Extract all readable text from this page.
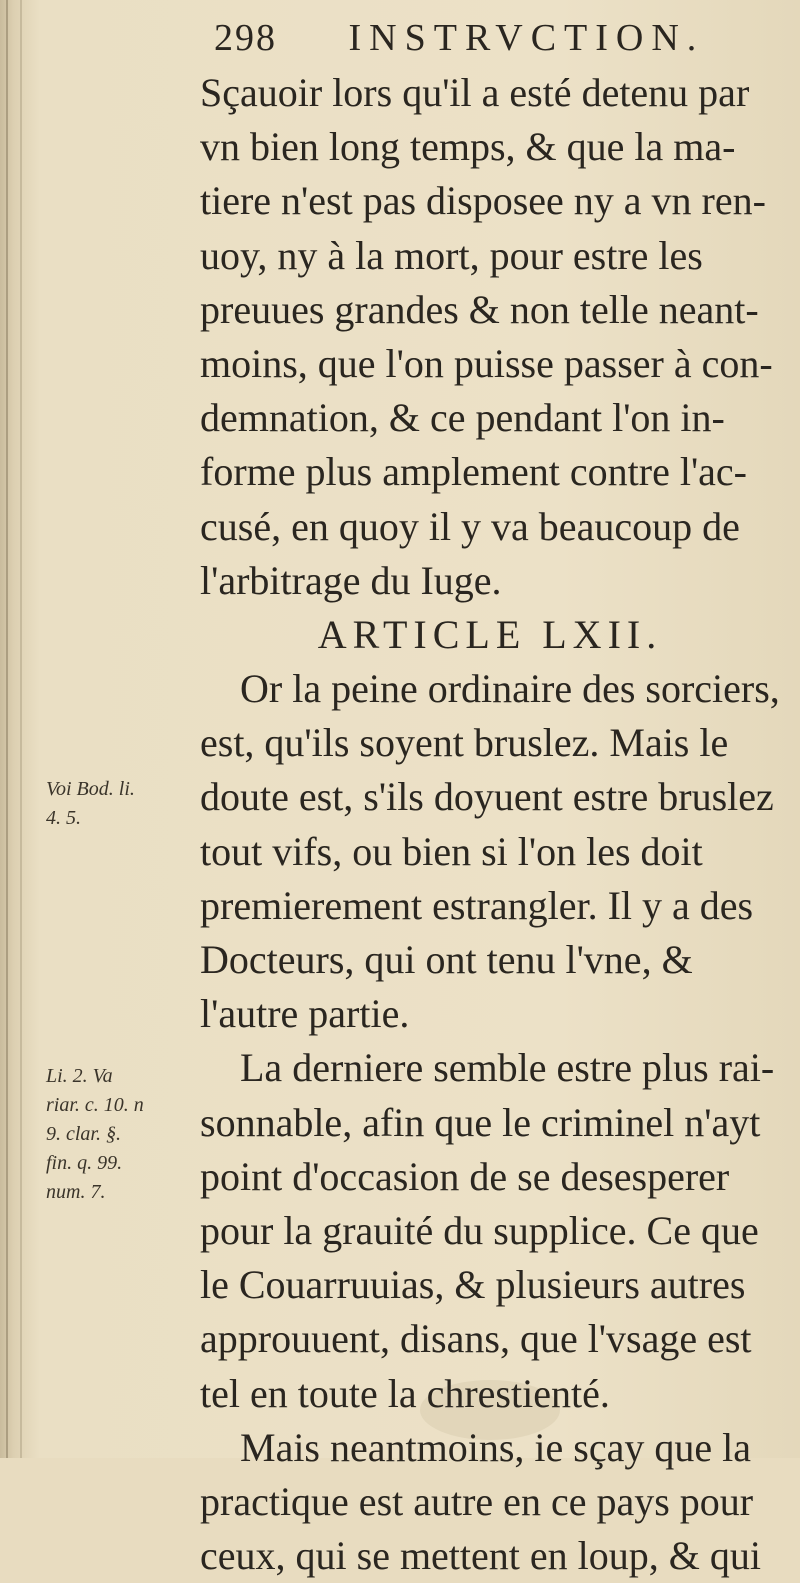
298 INSTRVCTION.
Sçauoir lors qu'il a esté detenu par
vn bien long temps, & que la ma-
tiere n'est pas disposee ny a vn ren-
uoy, ny à la mort, pour estre les
preuues grandes & non telle neant-
moins, que l'on puisse passer à con-
demnation, & ce pendant l'on in-
forme plus amplement contre l'ac-
cusé, en quoy il y va beaucoup de
l'arbitrage du Iuge.
ARTICLE LXII.
Or la peine ordinaire des sorciers,
est, qu'ils soyent bruslez. Mais le
doute est, s'ils doyuent estre bruslez
tout vifs, ou bien si l'on les doit
premierement estrangler. Il y a des
Docteurs, qui ont tenu l'vne, &
l'autre partie.
La derniere semble estre plus rai-
sonnable, afin que le criminel n'ayt
point d'occasion de se desesperer
pour la grauité du supplice. Ce que
le Couarruuias, & plusieurs autres
approuuent, disans, que l'vsage est
tel en toute la chrestienté.
Mais neantmoins, ie sçay que la
practique est autre en ce pays pour
ceux, qui se mettent en loup, & qui
Voi Bod. li.
4. 5.
Li. 2. Va
riar. c. 10. n
9. clar. §.
fin. q. 99.
num. 7.
